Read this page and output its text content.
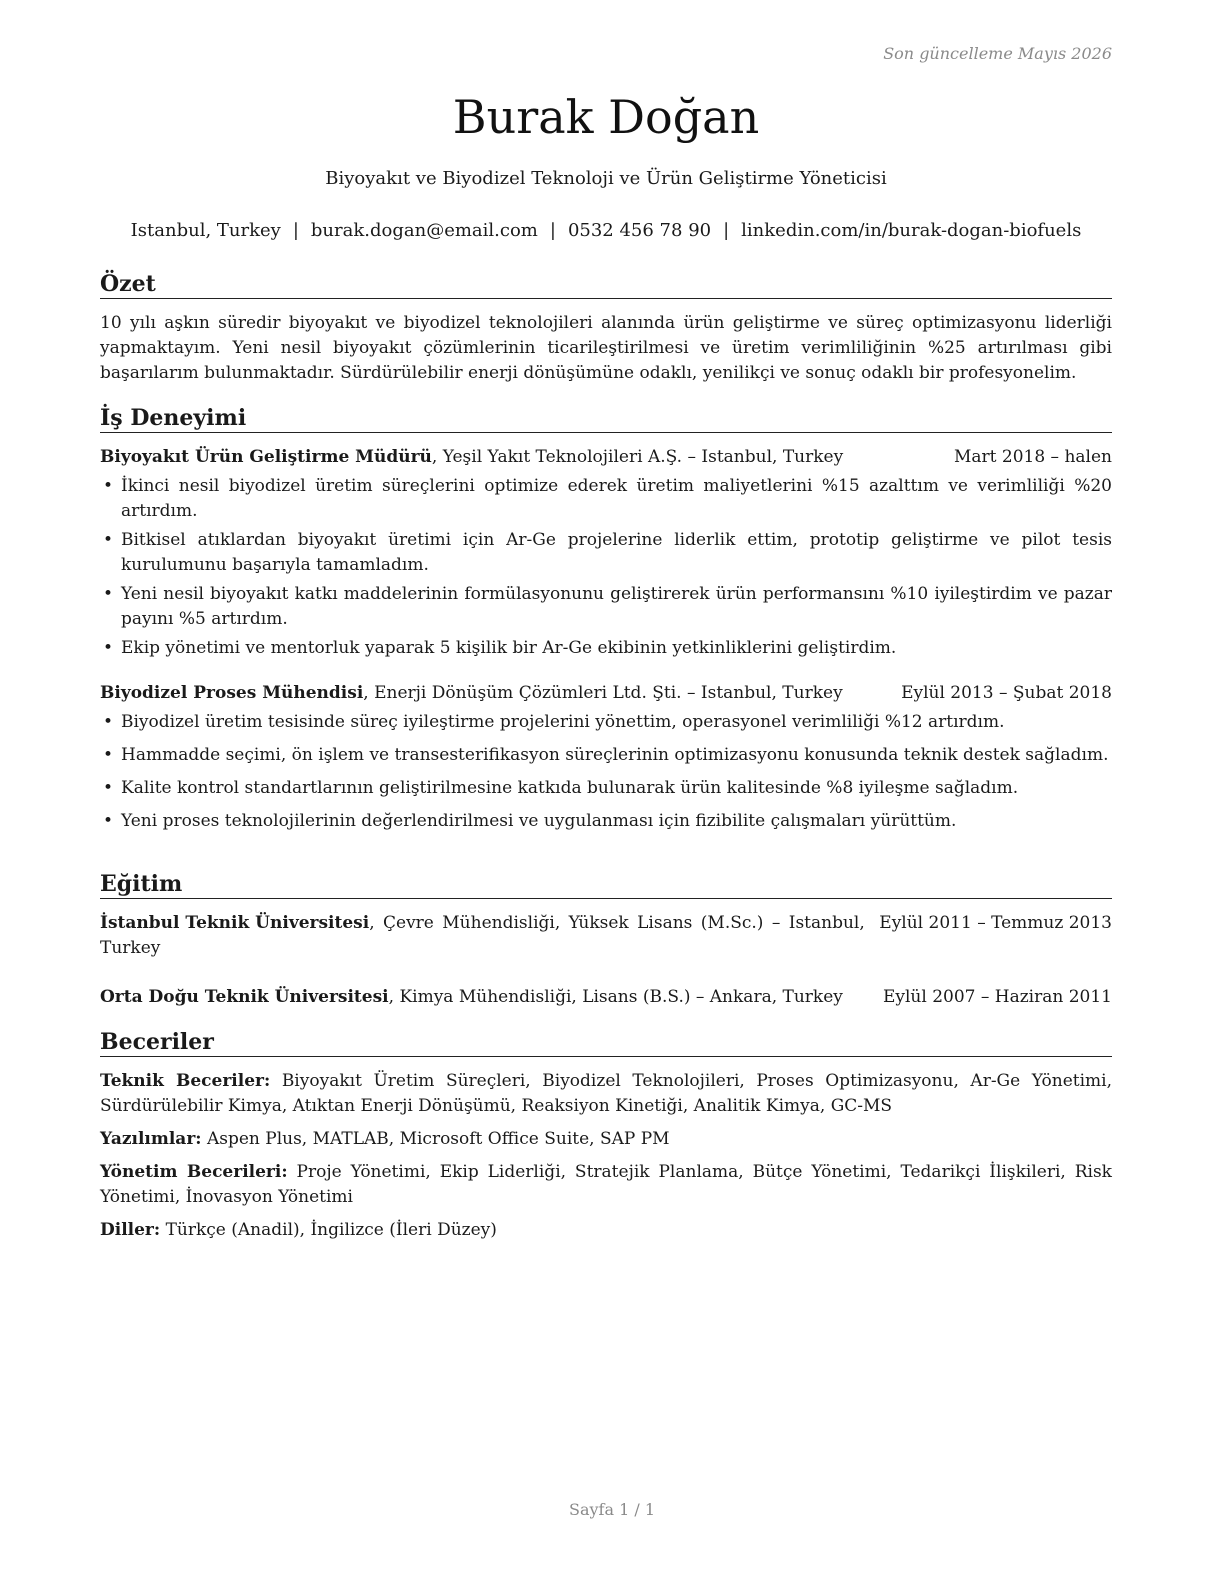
Son güncelleme Mayıs 2026
Burak Doğan
Biyoyakıt ve Biyodizel Teknoloji ve Ürün Geliştirme Yöneticisi
Istanbul, Turkey | burak.dogan@email.com | 0532 456 78 90 | linkedin.com/in/burak-dogan-biofuels
Özet

10 yılı aşkın süredir biyoyakıt ve biyodizel teknolojileri alanında ürün geliştirme ve süreç optimizasyonu liderliği yapmaktayım. Yeni nesil biyoyakıt çözümlerinin ticarileştirilmesi ve üretim verimliliğinin %25 artırılması gibi başarılarım bulunmaktadır. Sürdürülebilir enerji dönüşümüne odaklı, yenilikçi ve sonuç odaklı bir profesyonelim.

İş Deneyimi
Biyoyakıt Ürün Geliştirme Müdürü, Yeşil Yakıt Teknolojileri A.Ş. – Istanbul, Turkey	Mart 2018 – halen
• İkinci nesil biyodizel üretim süreçlerini optimize ederek üretim maliyetlerini %15 azalttım ve verimliliği %20 artırdım.
• Bitkisel atıklardan biyoyakıt üretimi için Ar-Ge projelerine liderlik ettim, prototip geliştirme ve pilot tesis kurulumunu başarıyla tamamladım.
• Yeni nesil biyoyakıt katkı maddelerinin formülasyonunu geliştirerek ürün performansını %10 iyileştirdim ve pazar payını %5 artırdım.
• Ekip yönetimi ve mentorluk yaparak 5 kişilik bir Ar-Ge ekibinin yetkinliklerini geliştirdim.
Biyodizel Proses Mühendisi, Enerji Dönüşüm Çözümleri Ltd. Şti. – Istanbul, Turkey	Eylül 2013 – Şubat 2018
• Biyodizel üretim tesisinde süreç iyileştirme projelerini yönettim, operasyonel verimliliği %12 artırdım.
• Hammadde seçimi, ön işlem ve transesterifikasyon süreçlerinin optimizasyonu konusunda teknik destek sağladım.
• Kalite kontrol standartlarının geliştirilmesine katkıda bulunarak ürün kalitesinde %8 iyileşme sağladım.
• Yeni proses teknolojilerinin değerlendirilmesi ve uygulanması için fizibilite çalışmaları yürüttüm.
Eğitim
İstanbul Teknik Üniversitesi, Çevre Mühendisliği, Yüksek Lisans (M.Sc.) – Istanbul, Eylül 2011 – Temmuz 2013
Turkey
Orta Doğu Teknik Üniversitesi, Kimya Mühendisliği, Lisans (B.S.) – Ankara, Turkey Eylül 2007 – Haziran 2011
Beceriler
Teknik Beceriler: Biyoyakıt Üretim Süreçleri, Biyodizel Teknolojileri, Proses Optimizasyonu, Ar-Ge Yönetimi, Sürdürülebilir Kimya, Atıktan Enerji Dönüşümü, Reaksiyon Kinetiği, Analitik Kimya, GC-MS
Yazılımlar: Aspen Plus, MATLAB, Microsoft Office Suite, SAP PM
Yönetim Becerileri: Proje Yönetimi, Ekip Liderliği, Stratejik Planlama, Bütçe Yönetimi, Tedarikçi İlişkileri, Risk Yönetimi, İnovasyon Yönetimi
Diller: Türkçe (Anadil), İngilizce (İleri Düzey)
Sayfa 1 / 1
